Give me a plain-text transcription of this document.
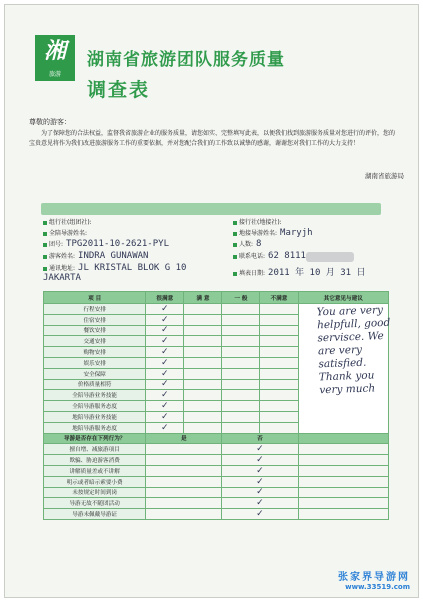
湘
旅游
湖南省旅游团队服务质量
调查表
尊敬的游客：
为了保障您的合法权益，监督我省旅游企业的服务质量，请您如实、完整填写此表，以便我们找到旅游服务质量对您进行的评价，您的宝贵意见将作为我们改进旅游服务工作的重要依据，并对您配合我们的工作致以诚挚的感谢，谢谢您对我们工作的大力支持！
湖南省旅游局
组行社(组团社):
全陪导游姓名:
团号: TPG2011-10-2621-PYL
游客姓名: INDRA GUNAWAN
通讯地址: JL KRISTAL BLOK G 10 JAKARTA
接行社(地接社):
地接导游姓名: Maryjh
人数: 8
联系电话: 62 8111
填表日期: 2011 年 10 月 31 日
项 目	很满意	满 意	一 般	不满意	其它意见与建议
行程安排	✓				
住宿安排	✓				
餐饮安排	✓				
交通安排	✓				
购物安排	✓				
娱乐安排	✓				
安全保障	✓				
价格质量相符	✓				
全陪导游业务技能	✓				
全陪导游服务态度	✓				
地陪导游业务技能	✓				
地陪导游服务态度	✓				
导游是否存在下列行为？	是		否		
擅自增、减旅游项目			✓		
欺骗、胁迫游客消费			✓		
讲解质量差或不讲解			✓		
明示或者暗示索要小费			✓		
未按规定时间到岗			✓		
导游无故不随团活动			✓		
导游未佩戴导游证			✓		
You are very helpfull, good servisce. We are very satisfied. Thank you very much
张家界导游网
www.33519.com
